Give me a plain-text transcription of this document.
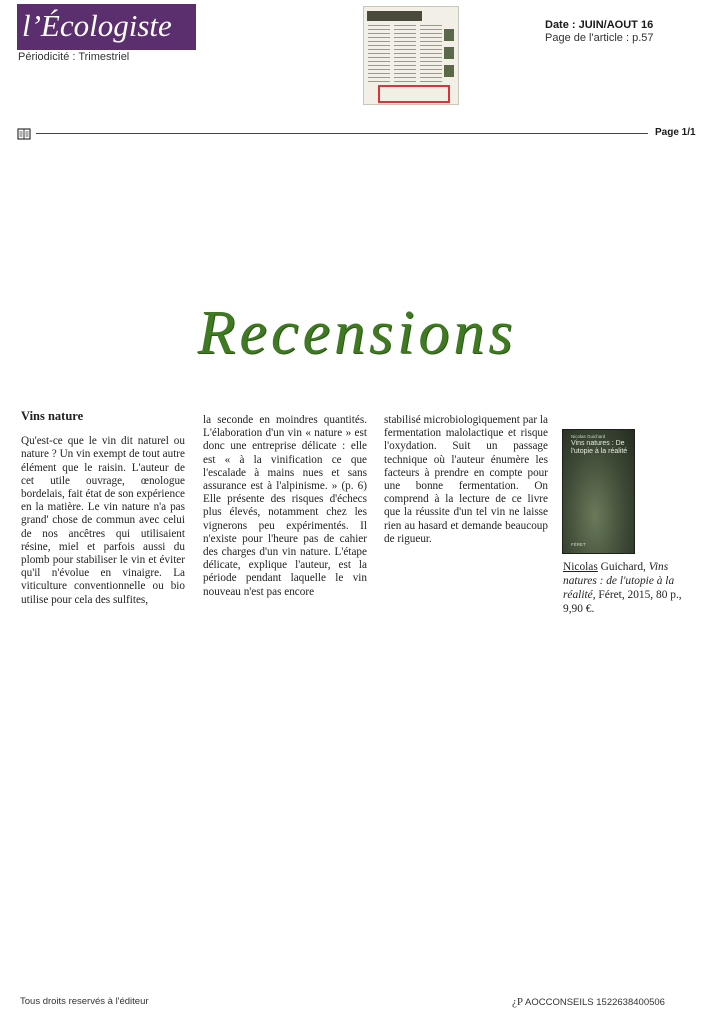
l’Écologiste
Périodicité : Trimestriel
Date : JUIN/AOUT 16
Page de l'article : p.57
Page 1/1
Recensions
Vins nature

Qu'est-ce que le vin dit naturel ou nature ? Un vin exempt de tout autre élément que le raisin. L'auteur de cet utile ouvrage, œnologue bordelais, fait état de son expérience en la matière. Le vin nature n'a pas grand' chose de commun avec celui de nos ancêtres qui utilisaient résine, miel et parfois aussi du plomb pour stabiliser le vin et éviter qu'il n'évolue en vinaigre. La viticulture conventionnelle ou bio utilise pour cela des sulfites,

la seconde en moindres quantités. L'élaboration d'un vin « nature » est donc une entreprise délicate : elle est « à la vinification ce que l'escalade à mains nues et sans assurance est à l'alpinisme. » (p. 6) Elle présente des risques d'échecs plus élevés, notamment chez les vignerons peu expérimentés. Il n'existe pour l'heure pas de cahier des charges d'un vin nature. L'étape délicate, explique l'auteur, est la période pendant laquelle le vin nouveau n'est pas encore

stabilisé microbiologiquement par la fermentation malolactique et risque l'oxydation. Suit un passage technique où l'auteur énumère les facteurs à prendre en compte pour une bonne fermentation. On comprend à la lecture de ce livre que la réussite d'un tel vin ne laisse rien au hasard et demande beaucoup de rigueur.

Nicolas Guichard
Vins natures : De l'utopie à la réalité
FÉRET
Nicolas Guichard, Vins natures : de l'utopie à la réalité, Féret, 2015, 80 p., 9,90 €.
Tous droits reservés à l'éditeur	¿P AOCCONSEILS 1522638400506
